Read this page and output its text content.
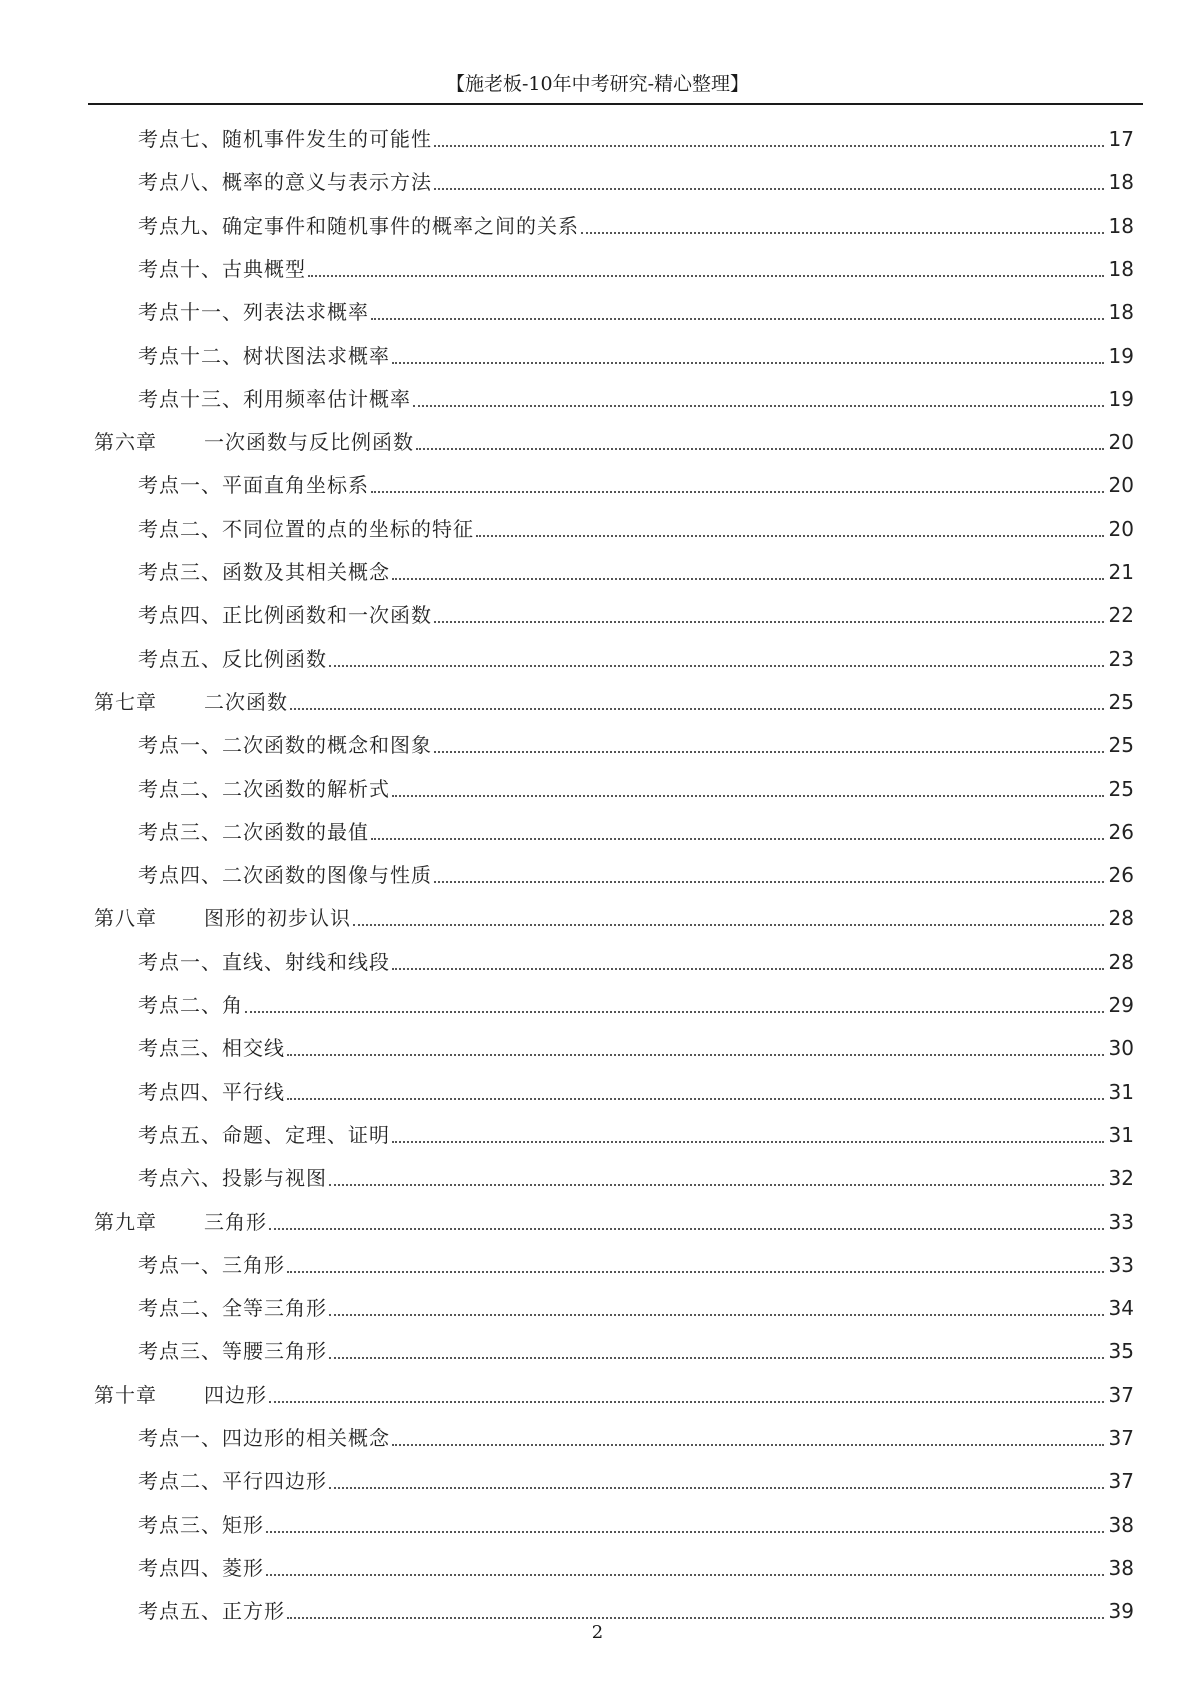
【施老板-10年中考研究-精心整理】
考点七、随机事件发生的可能性	17
考点八、概率的意义与表示方法	18
考点九、确定事件和随机事件的概率之间的关系	18
考点十、古典概型	18
考点十一、列表法求概率	18
考点十二、树状图法求概率	19
考点十三、利用频率估计概率	19
第六章 一次函数与反比例函数	20
考点一、平面直角坐标系	20
考点二、不同位置的点的坐标的特征	20
考点三、函数及其相关概念	21
考点四、正比例函数和一次函数	22
考点五、反比例函数	23
第七章 二次函数	25
考点一、二次函数的概念和图象	25
考点二、二次函数的解析式	25
考点三、二次函数的最值	26
考点四、二次函数的图像与性质	26
第八章 图形的初步认识	28
考点一、直线、射线和线段	28
考点二、角	29
考点三、相交线	30
考点四、平行线	31
考点五、命题、定理、证明	31
考点六、投影与视图	32
第九章 三角形	33
考点一、三角形	33
考点二、全等三角形	34
考点三、等腰三角形	35
第十章 四边形	37
考点一、四边形的相关概念	37
考点二、平行四边形	37
考点三、矩形	38
考点四、菱形	38
考点五、正方形	39
2
